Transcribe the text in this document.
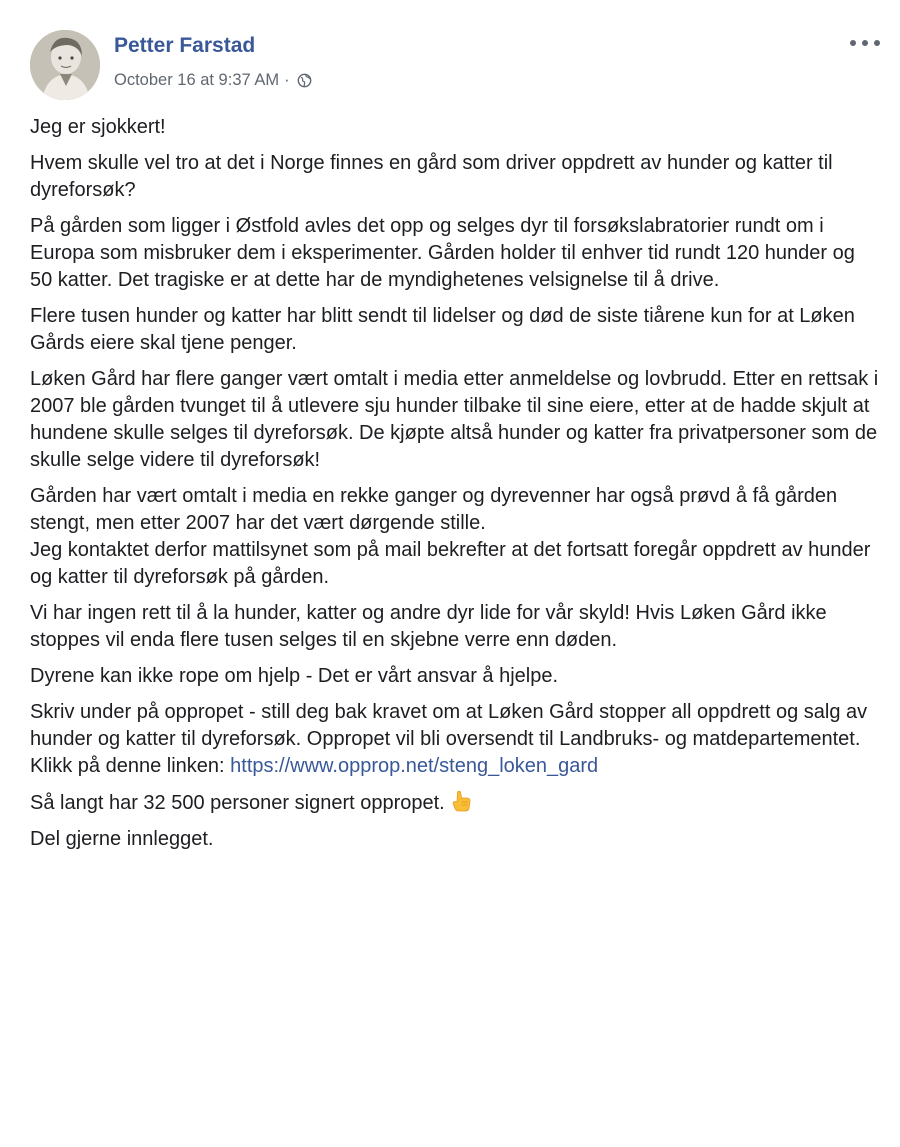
Petter Farstad
October 16 at 9:37 AM ·

Jeg er sjokkert!

Hvem skulle vel tro at det i Norge finnes en gård som driver oppdrett av hunder og katter til dyreforsøk?

På gården som ligger i Østfold avles det opp og selges dyr til forsøkslabratorier rundt om i Europa som misbruker dem i eksperimenter. Gården holder til enhver tid rundt 120 hunder og 50 katter. Det tragiske er at dette har de myndighetenes velsignelse til å drive.

Flere tusen hunder og katter har blitt sendt til lidelser og død de siste tiårene kun for at Løken Gårds eiere skal tjene penger.

Løken Gård har flere ganger vært omtalt i media etter anmeldelse og lovbrudd. Etter en rettsak i 2007 ble gården tvunget til å utlevere sju hunder tilbake til sine eiere, etter at de hadde skjult at hundene skulle selges til dyreforsøk. De kjøpte altså hunder og katter fra privatpersoner som de skulle selge videre til dyreforsøk!

Gården har vært omtalt i media en rekke ganger og dyrevenner har også prøvd å få gården stengt, men etter 2007 har det vært dørgende stille.
Jeg kontaktet derfor mattilsynet som på mail bekrefter at det fortsatt foregår oppdrett av hunder og katter til dyreforsøk på gården.

Vi har ingen rett til å la hunder, katter og andre dyr lide for vår skyld! Hvis Løken Gård ikke stoppes vil enda flere tusen selges til en skjebne verre enn døden.

Dyrene kan ikke rope om hjelp - Det er vårt ansvar å hjelpe.

Skriv under på oppropet - still deg bak kravet om at Løken Gård stopper all oppdrett og salg av hunder og katter til dyreforsøk. Oppropet vil bli oversendt til Landbruks- og matdepartementet.
Klikk på denne linken: https://www.opprop.net/steng_loken_gard

Så langt har 32 500 personer signert oppropet.

Del gjerne innlegget.
